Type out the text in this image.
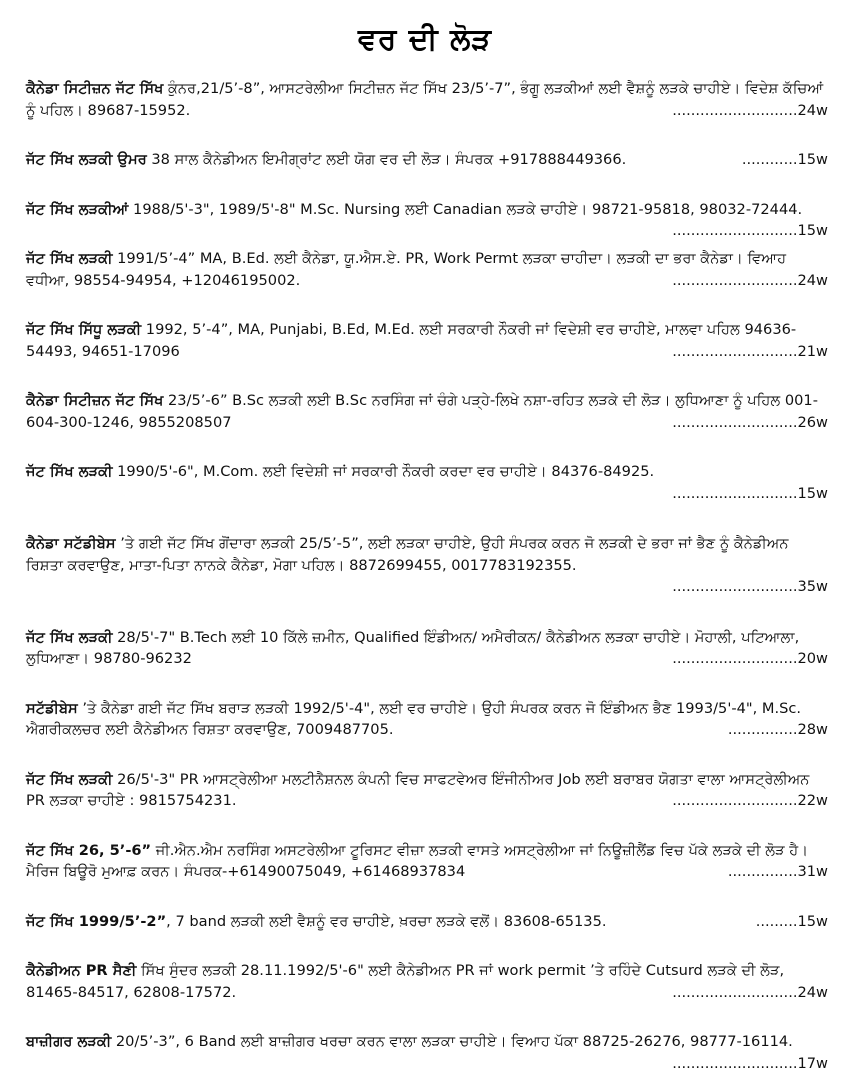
ਵਰ ਦੀ ਲੋੜ
ਕੈਨੇਡਾ ਸਿਟੀਜ਼ਨ ਜੱਟ ਸਿੱਖ ਕੁੰਨਰ,21/5’-8”, ਆਸਟਰੇਲੀਆ ਸਿਟੀਜ਼ਨ ਜੱਟ ਸਿੱਖ 23/5’-7”, ਭੰਗੂ ਲੜਕੀਆਂ ਲਈ ਵੈਸ਼ਨੂੰ ਲੜਕੇ ਚਾਹੀਏ। ਵਿਦੇਸ਼ ਕੱਚਿਆਂ ਨੂੰ ਪਹਿਲ। 89687-15952.	...........................24w
ਜੱਟ ਸਿੱਖ ਲੜਕੀ ਉਮਰ 38 ਸਾਲ ਕੈਨੇਡੀਅਨ ਇਮੀਗ੍ਰਾਂਟ ਲਈ ਯੋਗ ਵਰ ਦੀ ਲੋੜ। ਸੰਪਰਕ +917888449366.	............15w
ਜੱਟ ਸਿੱਖ ਲੜਕੀਆਂ 1988/5'-3", 1989/5'-8" M.Sc. Nursing ਲਈ Canadian ਲੜਕੇ ਚਾਹੀਏ। 98721-95818, 98032-72444.
...........................15w
ਜੱਟ ਸਿੱਖ ਲੜਕੀ 1991/5’-4” MA, B.Ed. ਲਈ ਕੈਨੇਡਾ, ਯੂ.ਐਸ.ਏ. PR, Work Permt ਲੜਕਾ ਚਾਹੀਦਾ। ਲੜਕੀ ਦਾ ਭਰਾ ਕੈਨੇਡਾ। ਵਿਆਹ ਵਧੀਆ, 98554-94954, +12046195002.	...........................24w
ਜੱਟ ਸਿੱਖ ਸਿੱਧੂ ਲੜਕੀ 1992, 5’-4”, MA, Punjabi, B.Ed, M.Ed. ਲਈ ਸਰਕਾਰੀ ਨੌਕਰੀ ਜਾਂ ਵਿਦੇਸ਼ੀ ਵਰ ਚਾਹੀਏ, ਮਾਲਵਾ ਪਹਿਲ 94636-54493, 94651-17096	...........................21w
ਕੈਨੇਡਾ ਸਿਟੀਜ਼ਨ ਜੱਟ ਸਿੱਖ 23/5’-6” B.Sc ਲੜਕੀ ਲਈ B.Sc ਨਰਸਿੰਗ ਜਾਂ ਚੰਗੇ ਪੜ੍ਹੇ-ਲਿਖੇ ਨਸ਼ਾ-ਰਹਿਤ ਲੜਕੇ ਦੀ ਲੋੜ। ਲੁਧਿਆਣਾ ਨੂੰ ਪਹਿਲ 001-604-300-1246, 9855208507	...........................26w
ਜੱਟ ਸਿੱਖ ਲੜਕੀ 1990/5'-6", M.Com. ਲਈ ਵਿਦੇਸ਼ੀ ਜਾਂ ਸਰਕਾਰੀ ਨੌਕਰੀ ਕਰਦਾ ਵਰ ਚਾਹੀਏ। 84376-84925.
...........................15w
ਕੈਨੇਡਾ ਸਟੱਡੀਬੇਸ ’ਤੇ ਗਈ ਜੱਟ ਸਿੱਖ ਗੋਂਦਾਰਾ ਲੜਕੀ 25/5’-5”, ਲਈ ਲੜਕਾ ਚਾਹੀਏ, ਉਹੀ ਸੰਪਰਕ ਕਰਨ ਜੋ ਲੜਕੀ ਦੇ ਭਰਾ ਜਾਂ ਭੈਣ ਨੂੰ ਕੈਨੇਡੀਅਨ ਰਿਸ਼ਤਾ ਕਰਵਾਉਣ, ਮਾਤਾ-ਪਿਤਾ ਨਾਨਕੇ ਕੈਨੇਡਾ, ਮੋਗਾ ਪਹਿਲ। 8872699455, 0017783192355.
...........................35w
ਜੱਟ ਸਿੱਖ ਲੜਕੀ 28/5'-7" B.Tech ਲਈ 10 ਕਿੱਲੇ ਜ਼ਮੀਨ, Qualified ਇੰਡੀਅਨ/ ਅਮੈਰੀਕਨ/ ਕੈਨੇਡੀਅਨ ਲੜਕਾ ਚਾਹੀਏ। ਮੋਹਾਲੀ, ਪਟਿਆਲਾ, ਲੁਧਿਆਣਾ। 98780-96232	...........................20w
ਸਟੱਡੀਬੇਸ ’ਤੇ ਕੈਨੇਡਾ ਗਈ ਜੱਟ ਸਿੱਖ ਬਰਾੜ ਲੜਕੀ 1992/5'-4", ਲਈ ਵਰ ਚਾਹੀਏ। ਉਹੀ ਸੰਪਰਕ ਕਰਨ ਜੋ ਇੰਡੀਅਨ ਭੈਣ 1993/5'-4", M.Sc. ਐਗਰੀਕਲਚਰ ਲਈ ਕੈਨੇਡੀਅਨ ਰਿਸ਼ਤਾ ਕਰਵਾਉਣ, 7009487705.	...............28w
ਜੱਟ ਸਿੱਖ ਲੜਕੀ 26/5'-3" PR ਆਸਟ੍ਰੇਲੀਆ ਮਲਟੀਨੈਸ਼ਨਲ ਕੰਪਨੀ ਵਿਚ ਸਾਫਟਵੇਅਰ ਇੰਜੀਨੀਅਰ Job ਲਈ ਬਰਾਬਰ ਯੋਗਤਾ ਵਾਲਾ ਆਸਟ੍ਰੇਲੀਅਨ PR ਲੜਕਾ ਚਾਹੀਏ : 9815754231.	...........................22w
ਜੱਟ ਸਿੱਖ 26, 5’-6” ਜੀ.ਐਨ.ਐਮ ਨਰਸਿੰਗ ਅਸਟਰੇਲੀਆ ਟੂਰਿਸਟ ਵੀਜ਼ਾ ਲੜਕੀ ਵਾਸਤੇ ਅਸਟ੍ਰੇਲੀਆ ਜਾਂ ਨਿਊਜ਼ੀਲੈਂਡ ਵਿਚ ਪੱਕੇ ਲੜਕੇ ਦੀ ਲੋੜ ਹੈ। ਮੈਰਿਜ ਬਿਊਰੋ ਮੁਆਫ਼ ਕਰਨ। ਸੰਪਰਕ-+61490075049, +61468937834	...............31w
ਜੱਟ ਸਿੱਖ 1999/5’-2”, 7 band ਲੜਕੀ ਲਈ ਵੈਸ਼ਨੂੰ ਵਰ ਚਾਹੀਏ, ਖ਼ਰਚਾ ਲੜਕੇ ਵਲੋਂ। 83608-65135.	.........15w
ਕੈਨੇਡੀਅਨ PR ਸੈਣੀ ਸਿੱਖ ਸੁੰਦਰ ਲੜਕੀ 28.11.1992/5'-6" ਲਈ ਕੈਨੇਡੀਅਨ PR ਜਾਂ work permit ’ਤੇ ਰਹਿੰਦੇ Cutsurd ਲੜਕੇ ਦੀ ਲੋੜ, 81465-84517, 62808-17572.	...........................24w
ਬਾਜ਼ੀਗਰ ਲੜਕੀ 20/5’-3”, 6 Band ਲਈ ਬਾਜ਼ੀਗਰ ਖਰਚਾ ਕਰਨ ਵਾਲਾ ਲੜਕਾ ਚਾਹੀਏ। ਵਿਆਹ ਪੱਕਾ 88725-26276, 98777-16114.
...........................17w
